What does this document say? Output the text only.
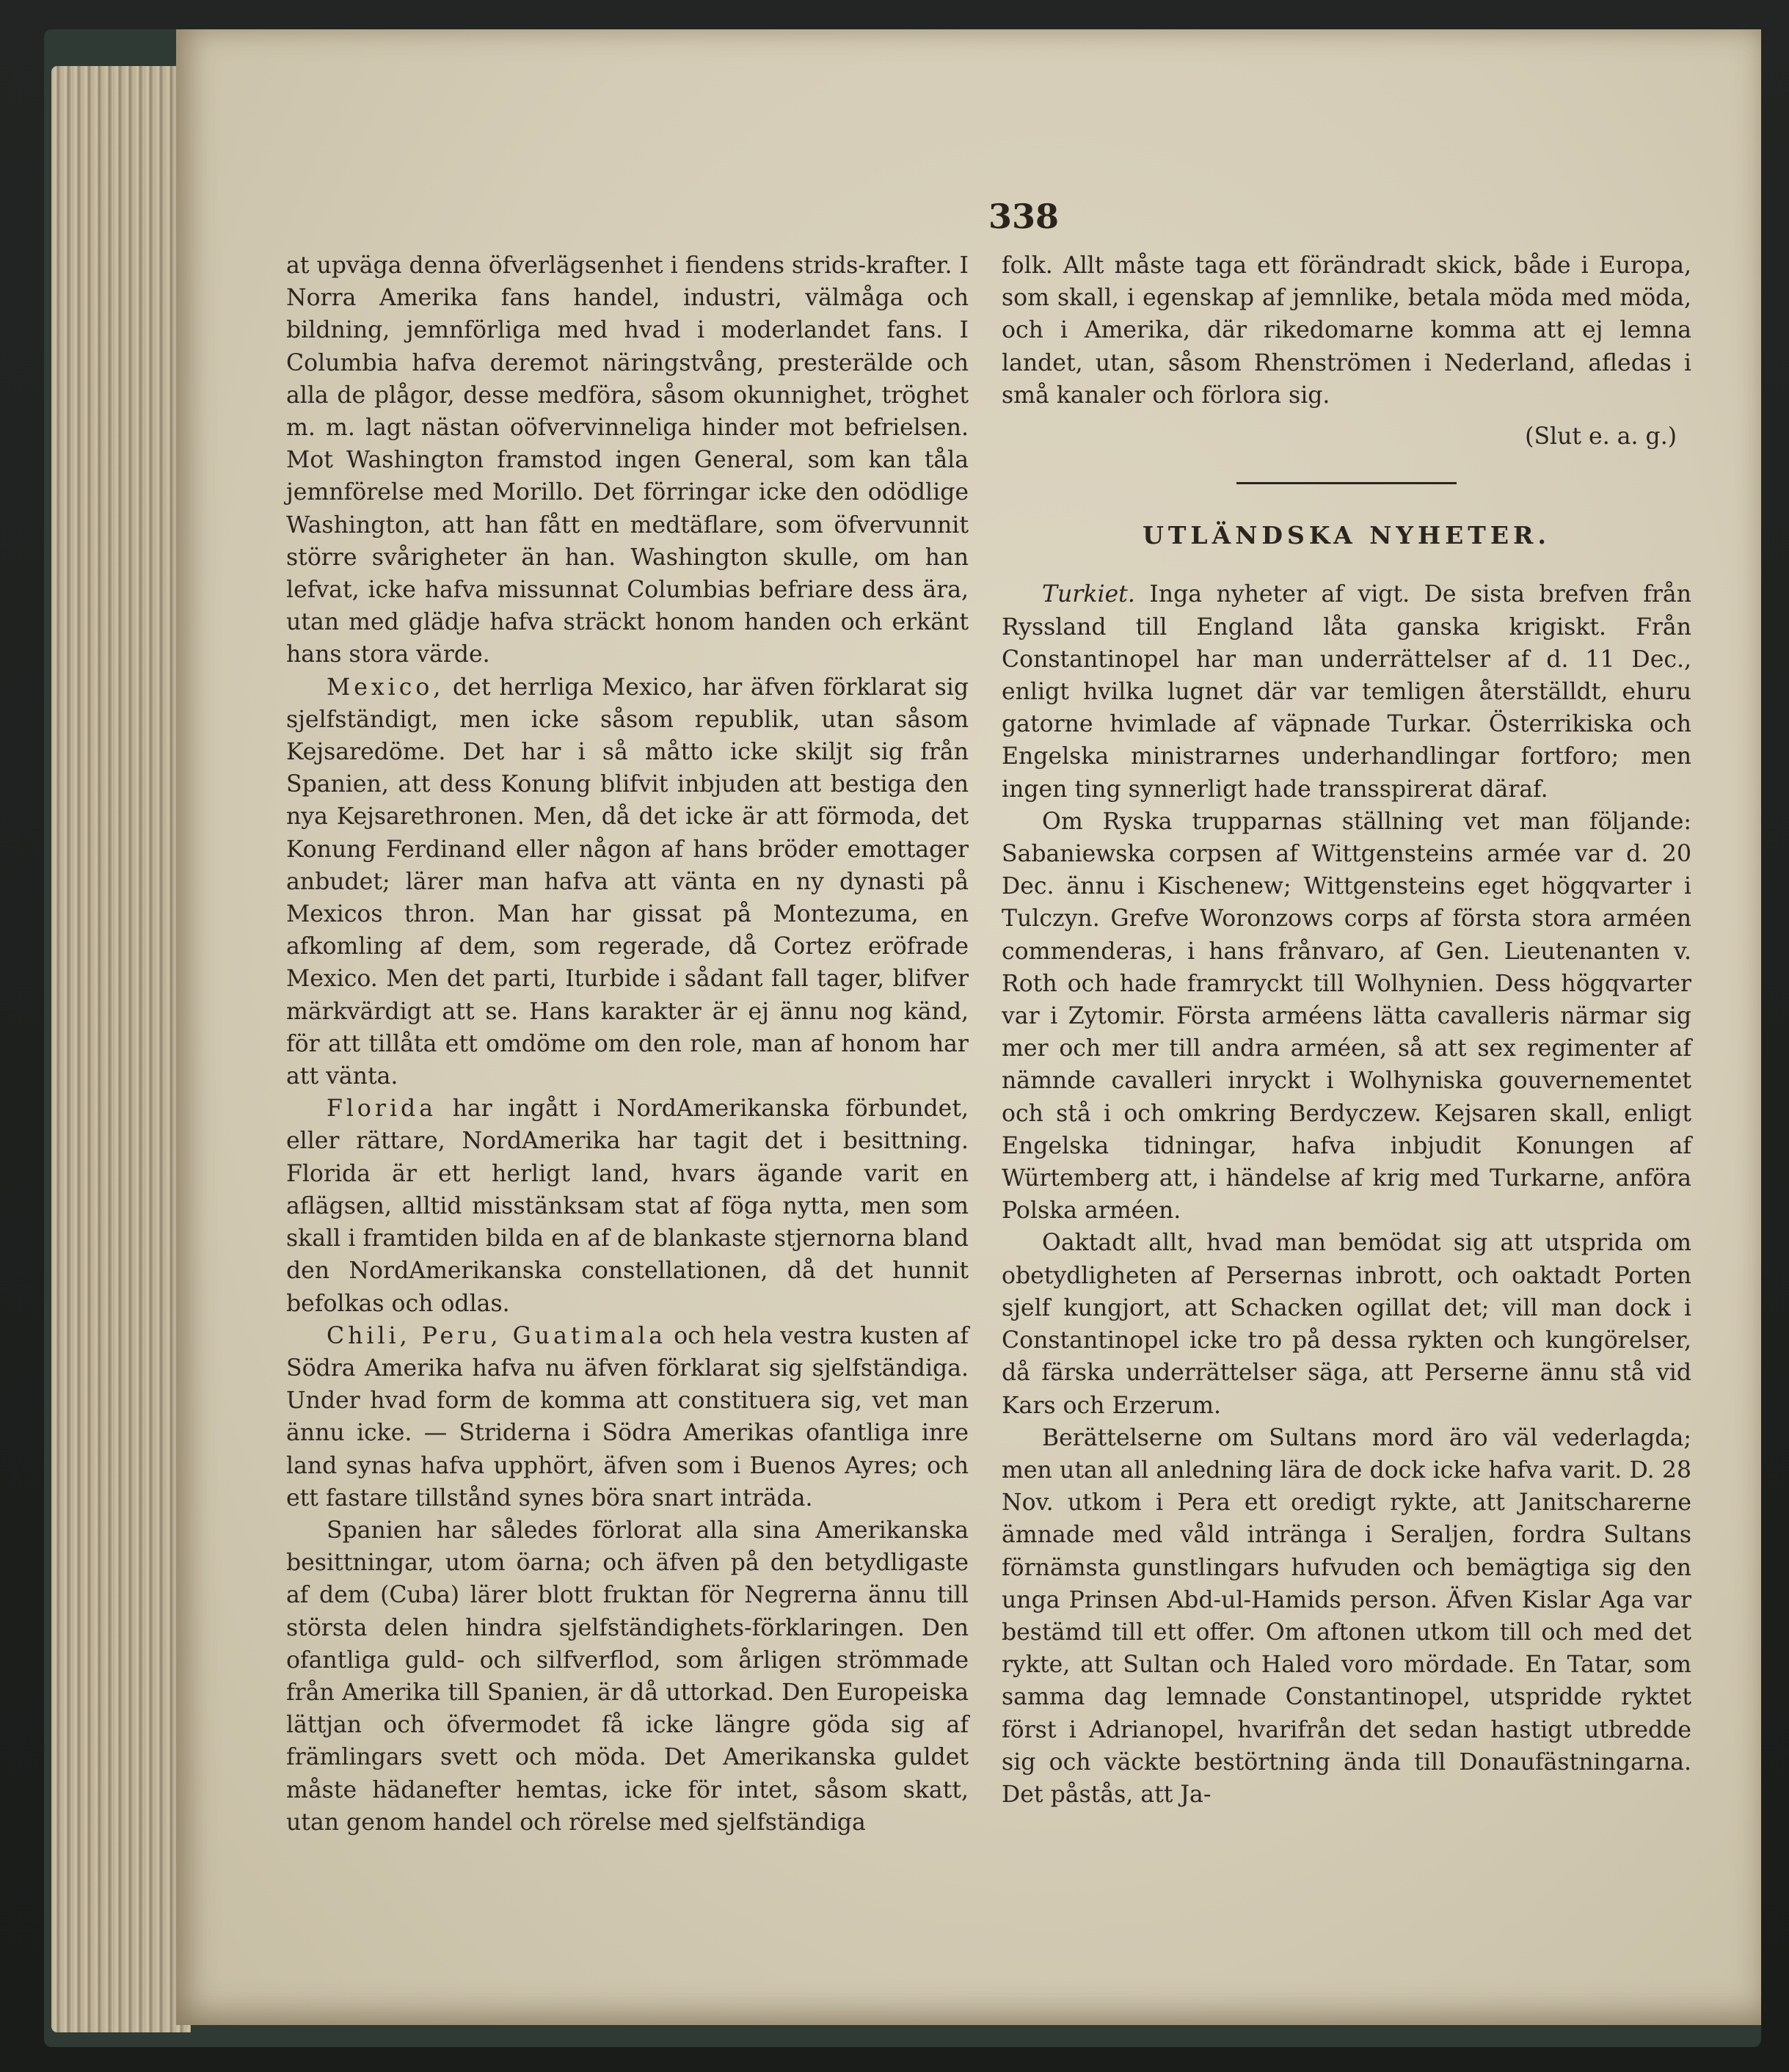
338

at upväga denna öfverlägsenhet i fiendens strids-krafter. I Norra Amerika fans handel, industri, välmåga och bildning, jemnförliga med hvad i moderlandet fans. I Columbia hafva deremot näringstvång, presterälde och alla de plågor, desse medföra, såsom okunnighet, tröghet m. m. lagt nästan oöfvervinneliga hinder mot befrielsen. Mot Washington framstod ingen General, som kan tåla jemnförelse med Morillo. Det förringar icke den odödlige Washington, att han fått en medtäflare, som öfvervunnit större svårigheter än han. Washington skulle, om han lefvat, icke hafva missunnat Columbias befriare dess ära, utan med glädje hafva sträckt honom handen och erkänt hans stora värde.

Mexico, det herrliga Mexico, har äfven förklarat sig sjelfständigt, men icke såsom republik, utan såsom Kejsaredöme. Det har i så måtto icke skiljt sig från Spanien, att dess Konung blifvit inbjuden att bestiga den nya Kejsarethronen. Men, då det icke är att förmoda, det Konung Ferdinand eller någon af hans bröder emottager anbudet; lärer man hafva att vänta en ny dynasti på Mexicos thron. Man har gissat på Montezuma, en afkomling af dem, som regerade, då Cortez eröfrade Mexico. Men det parti, Iturbide i sådant fall tager, blifver märkvärdigt att se. Hans karakter är ej ännu nog känd, för att tillåta ett omdöme om den role, man af honom har att vänta.

Florida har ingått i NordAmerikanska förbundet, eller rättare, NordAmerika har tagit det i besittning. Florida är ett herligt land, hvars ägande varit en aflägsen, alltid misstänksam stat af föga nytta, men som skall i framtiden bilda en af de blankaste stjernorna bland den NordAmerikanska constellationen, då det hunnit befolkas och odlas.

Chili, Peru, Guatimala och hela vestra kusten af Södra Amerika hafva nu äfven förklarat sig sjelfständiga. Under hvad form de komma att constituera sig, vet man ännu icke. — Striderna i Södra Amerikas ofantliga inre land synas hafva upphört, äfven som i Buenos Ayres; och ett fastare tillstånd synes böra snart inträda.

Spanien har således förlorat alla sina Amerikanska besittningar, utom öarna; och äfven på den betydligaste af dem (Cuba) lärer blott fruktan för Negrerna ännu till största delen hindra sjelfständighets-förklaringen. Den ofantliga guld- och silfverflod, som årligen strömmade från Amerika till Spanien, är då uttorkad. Den Europeiska lättjan och öfvermodet få icke längre göda sig af främlingars svett och möda. Det Amerikanska guldet måste hädanefter hemtas, icke för intet, såsom skatt, utan genom handel och rörelse med sjelfständiga

folk. Allt måste taga ett förändradt skick, både i Europa, som skall, i egenskap af jemnlike, betala möda med möda, och i Amerika, där rikedomarne komma att ej lemna landet, utan, såsom Rhenströmen i Nederland, afledas i små kanaler och förlora sig.

(Slut e. a. g.)

UTLÄNDSKA NYHETER.

Turkiet. Inga nyheter af vigt. De sista brefven från Ryssland till England låta ganska krigiskt. Från Constantinopel har man underrättelser af d. 11 Dec., enligt hvilka lugnet där var temligen återställdt, ehuru gatorne hvimlade af väpnade Turkar. Österrikiska och Engelska ministrarnes underhandlingar fortforo; men ingen ting synnerligt hade transspirerat däraf.

Om Ryska trupparnas ställning vet man följande: Sabaniewska corpsen af Wittgensteins armée var d. 20 Dec. ännu i Kischenew; Wittgensteins eget högqvarter i Tulczyn. Grefve Woronzows corps af första stora arméen commenderas, i hans frånvaro, af Gen. Lieutenanten v. Roth och hade framryckt till Wolhynien. Dess högqvarter var i Zytomir. Första arméens lätta cavalleris närmar sig mer och mer till andra arméen, så att sex regimenter af nämnde cavalleri inryckt i Wolhyniska gouvernementet och stå i och omkring Berdyczew. Kejsaren skall, enligt Engelska tidningar, hafva inbjudit Konungen af Würtemberg att, i händelse af krig med Turkarne, anföra Polska arméen.

Oaktadt allt, hvad man bemödat sig att utsprida om obetydligheten af Persernas inbrott, och oaktadt Porten sjelf kungjort, att Schacken ogillat det; vill man dock i Constantinopel icke tro på dessa rykten och kungörelser, då färska underrättelser säga, att Perserne ännu stå vid Kars och Erzerum.

Berättelserne om Sultans mord äro väl vederlagda; men utan all anledning lära de dock icke hafva varit. D. 28 Nov. utkom i Pera ett oredigt rykte, att Janitscharerne ämnade med våld intränga i Seraljen, fordra Sultans förnämsta gunstlingars hufvuden och bemägtiga sig den unga Prinsen Abd-ul-Hamids person. Äfven Kislar Aga var bestämd till ett offer. Om aftonen utkom till och med det rykte, att Sultan och Haled voro mördade. En Tatar, som samma dag lemnade Constantinopel, utspridde ryktet först i Adrianopel, hvarifrån det sedan hastigt utbredde sig och väckte bestörtning ända till Donaufästningarna. Det påstås, att Ja-
